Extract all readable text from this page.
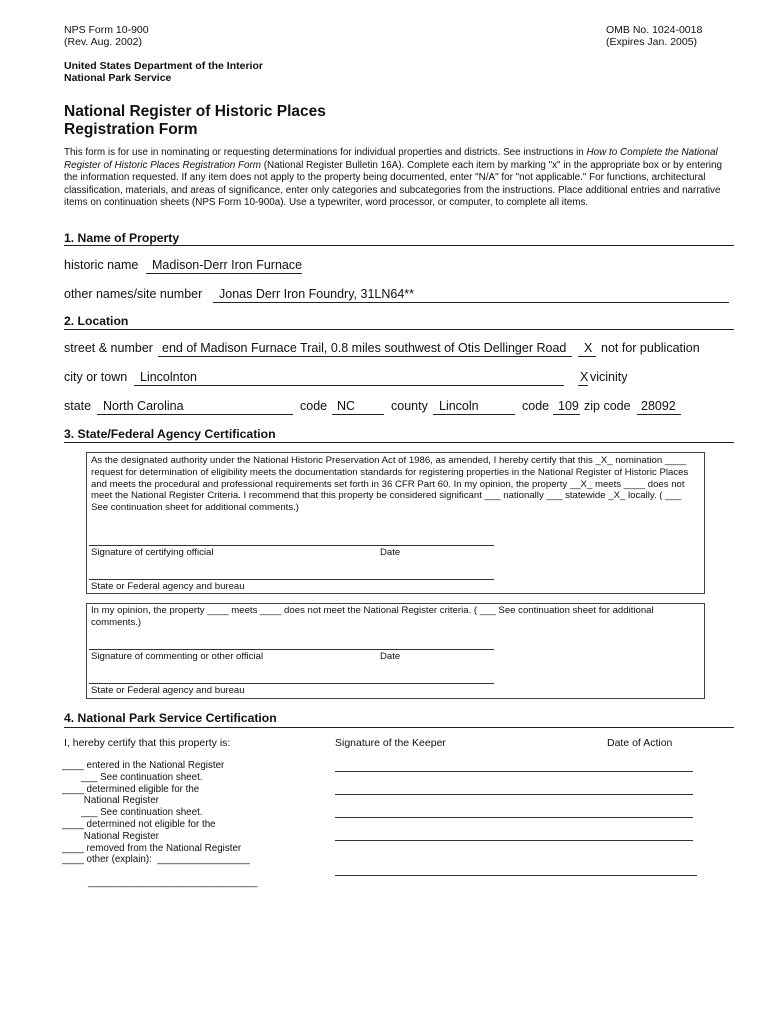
NPS Form 10-900
(Rev. Aug. 2002)
OMB No. 1024-0018
(Expires Jan. 2005)
United States Department of the Interior
National Park Service
National Register of Historic Places
Registration Form
This form is for use in nominating or requesting determinations for individual properties and districts. See instructions in How to Complete the National Register of Historic Places Registration Form (National Register Bulletin 16A). Complete each item by marking "x" in the appropriate box or by entering the information requested. If any item does not apply to the property being documented, enter "N/A" for "not applicable." For functions, architectural classification, materials, and areas of significance, enter only categories and subcategories from the instructions. Place additional entries and narrative items on continuation sheets (NPS Form 10-900a). Use a typewriter, word processor, or computer, to complete all items.
1. Name of Property
historic name	Madison-Derr Iron Furnace
other names/site number	Jonas Derr Iron Foundry, 31LN64**
2. Location
street & number end of Madison Furnace Trail, 0.8 miles southwest of Otis Dellinger Road	X not for publication
city or town	Lincolnton	X vicinity
state North Carolina	code NC	county Lincoln	code 109 zip code 28092
3. State/Federal Agency Certification
As the designated authority under the National Historic Preservation Act of 1986, as amended, I hereby certify that this _X_ nomination ____ request for determination of eligibility meets the documentation standards for registering properties in the National Register of Historic Places and meets the procedural and professional requirements set forth in 36 CFR Part 60. In my opinion, the property __X_ meets ____ does not meet the National Register Criteria. I recommend that this property be considered significant ___ nationally ___ statewide _X_ locally. ( ___ See continuation sheet for additional comments.)
Signature of certifying official	Date
State or Federal agency and bureau
In my opinion, the property ____ meets ____ does not meet the National Register criteria. ( ___ See continuation sheet for additional comments.)
Signature of commenting or other official	Date
State or Federal agency and bureau
4. National Park Service Certification
I, hereby certify that this property is:	Signature of the Keeper	Date of Action
____ entered in the National Register
___ See continuation sheet.
____ determined eligible for the
National Register
___ See continuation sheet.
____ determined not eligible for the
National Register
____ removed from the National Register
____ other (explain):  _________________
_____________________________
